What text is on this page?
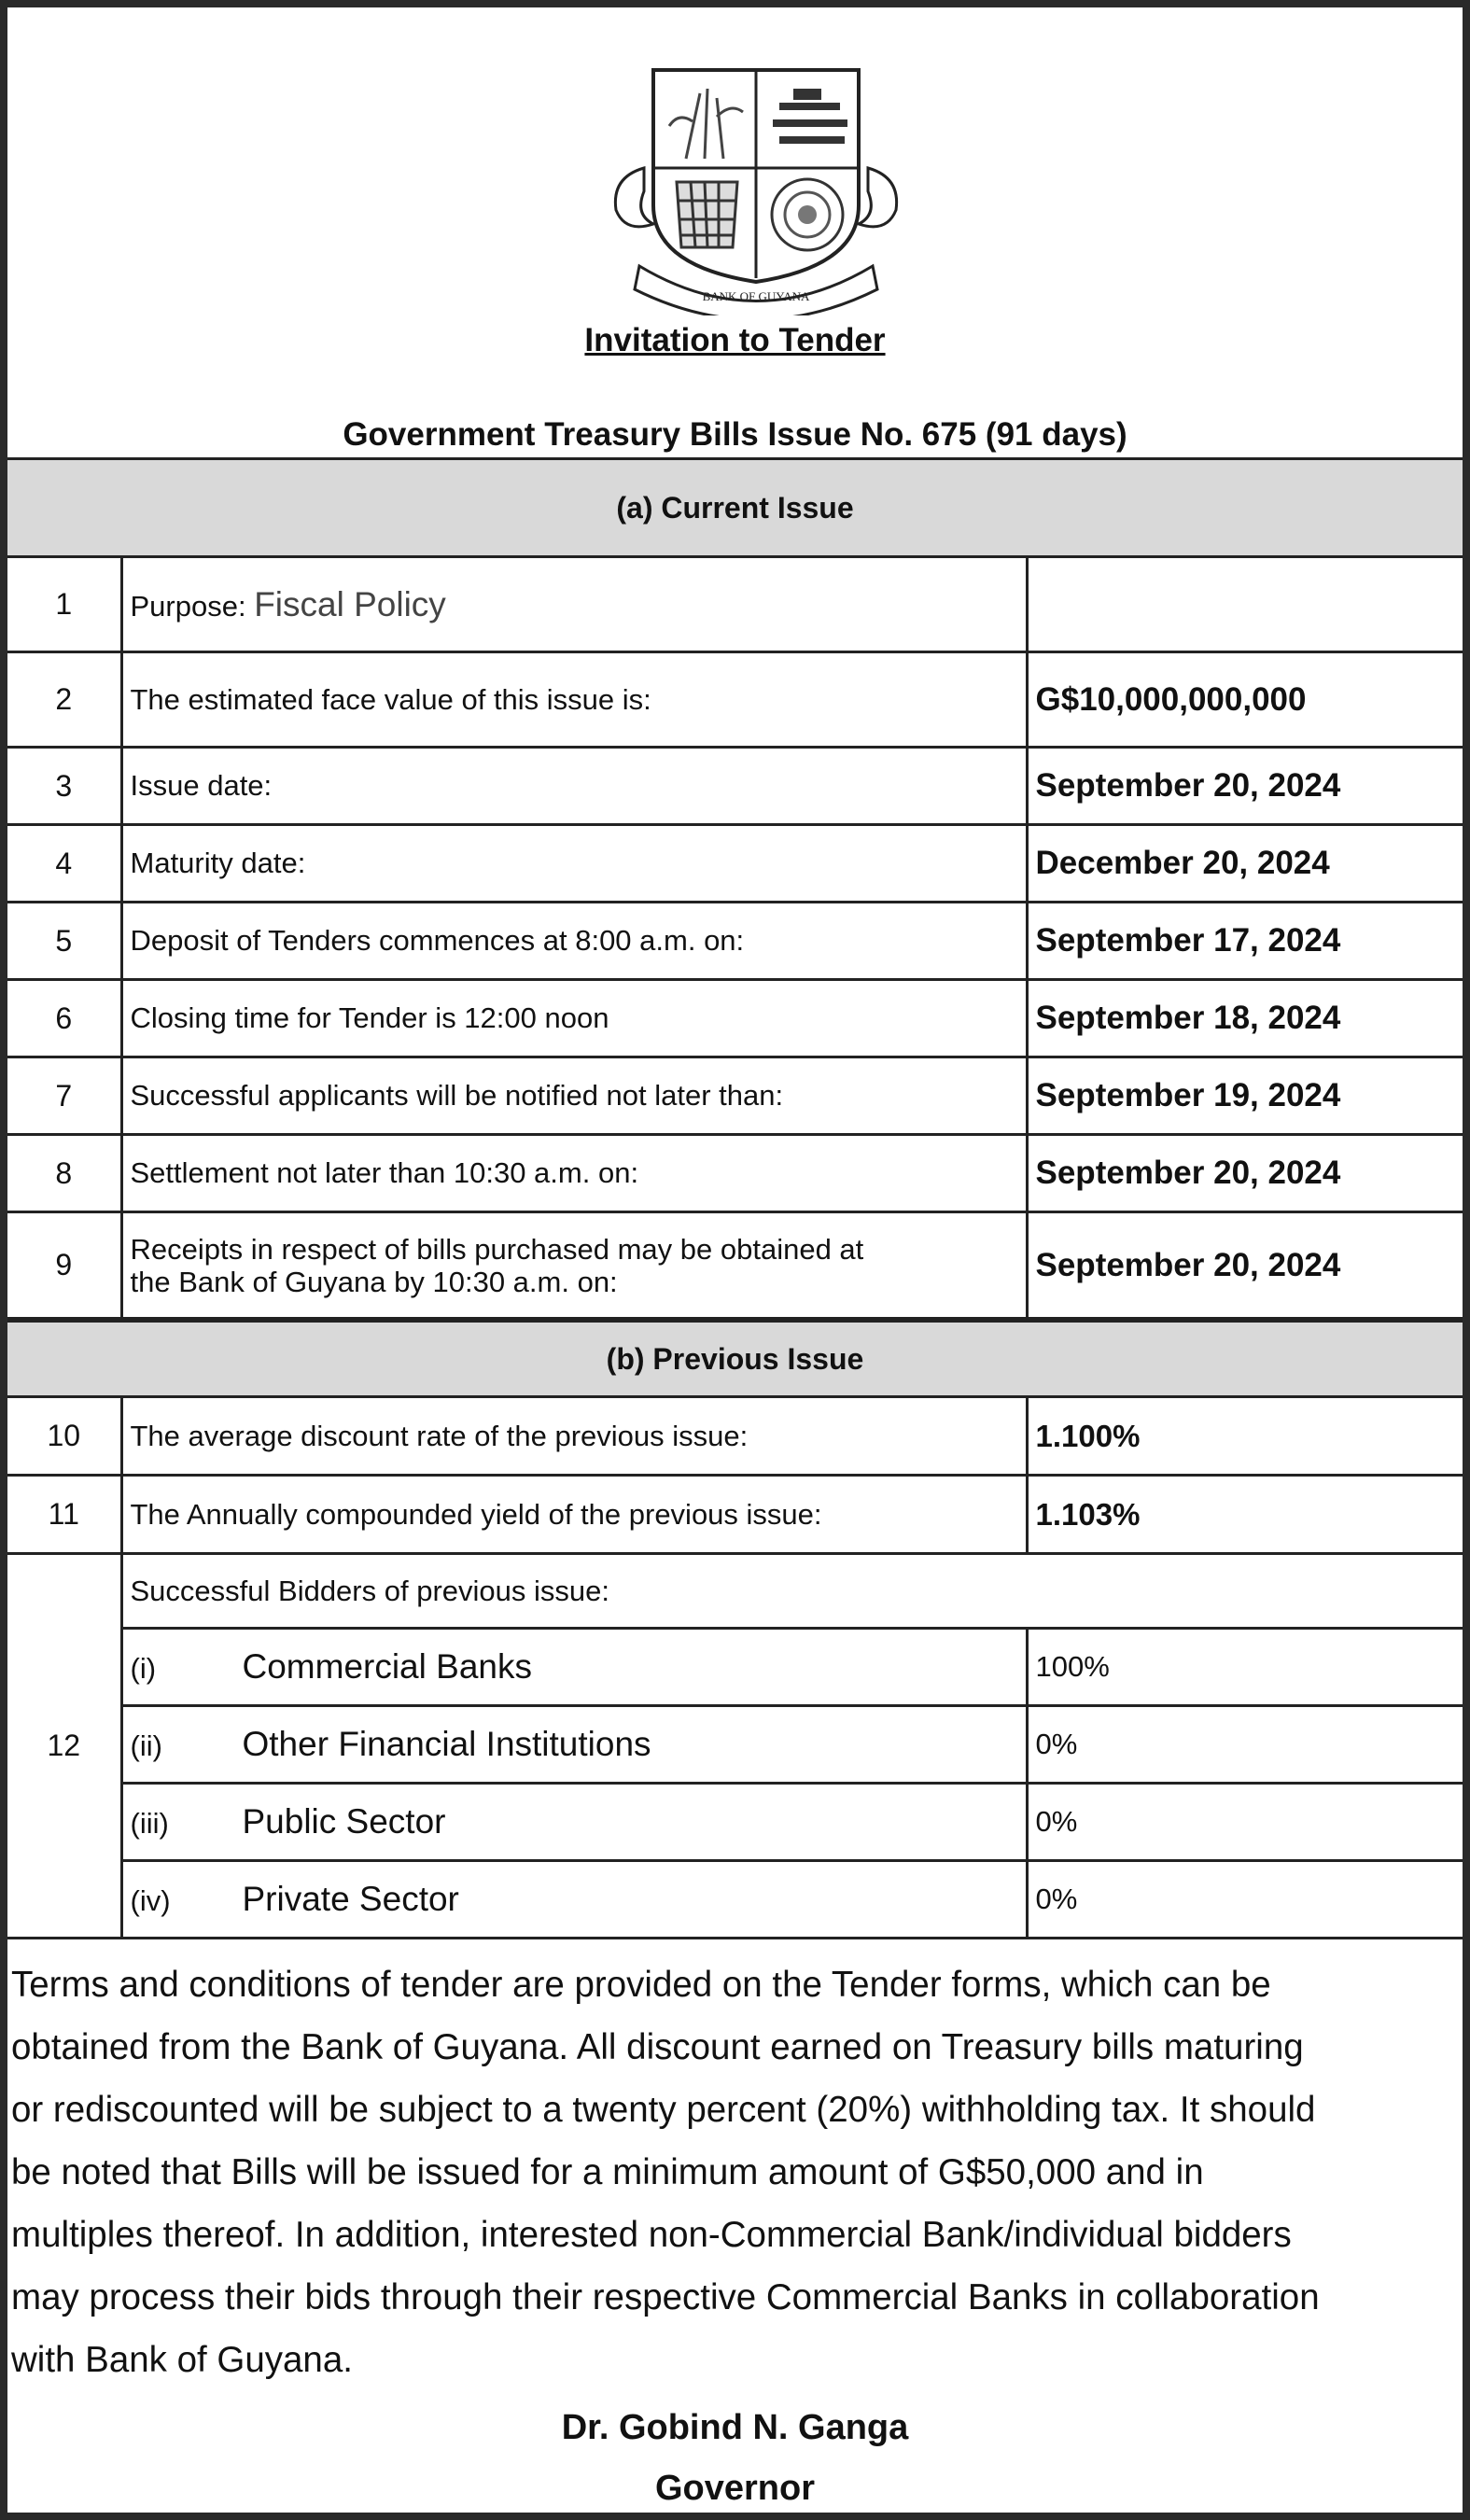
BANK OF GUYANA
Invitation to Tender
Government Treasury Bills Issue No. 675 (91 days)
(a) Current Issue
1	Purpose: Fiscal Policy	
2	The estimated face value of this issue is:	G$10,000,000,000
3	Issue date:	September 20, 2024
4	Maturity date:	December 20, 2024
5	Deposit of Tenders commences at 8:00 a.m. on:	September 17, 2024
6	Closing time for Tender is 12:00 noon	September 18, 2024
7	Successful applicants will be notified not later than:	September 19, 2024
8	Settlement not later than 10:30 a.m. on:	September 20, 2024
9	Receipts in respect of bills purchased may be obtained at
the Bank of Guyana by 10:30 a.m. on:	September 20, 2024
(b) Previous Issue
10	The average discount rate of the previous issue:	1.100%
11	The Annually compounded yield of the previous issue:	1.103%
12	Successful Bidders of previous issue:	
	(i) Commercial Banks	100%
	(ii) Other Financial Institutions	0%
	(iii) Public Sector	0%
	(iv) Private Sector	0%
Terms and conditions of tender are provided on the Tender forms, which can be
obtained from the Bank of Guyana. All discount earned on Treasury bills maturing
or rediscounted will be subject to a twenty percent (20%) withholding tax. It should
be noted that Bills will be issued for a minimum amount of G$50,000 and in
multiples thereof. In addition, interested non-Commercial Bank/individual bidders
may process their bids through their respective Commercial Banks in collaboration
with Bank of Guyana.
Dr. Gobind N. Ganga
Governor
